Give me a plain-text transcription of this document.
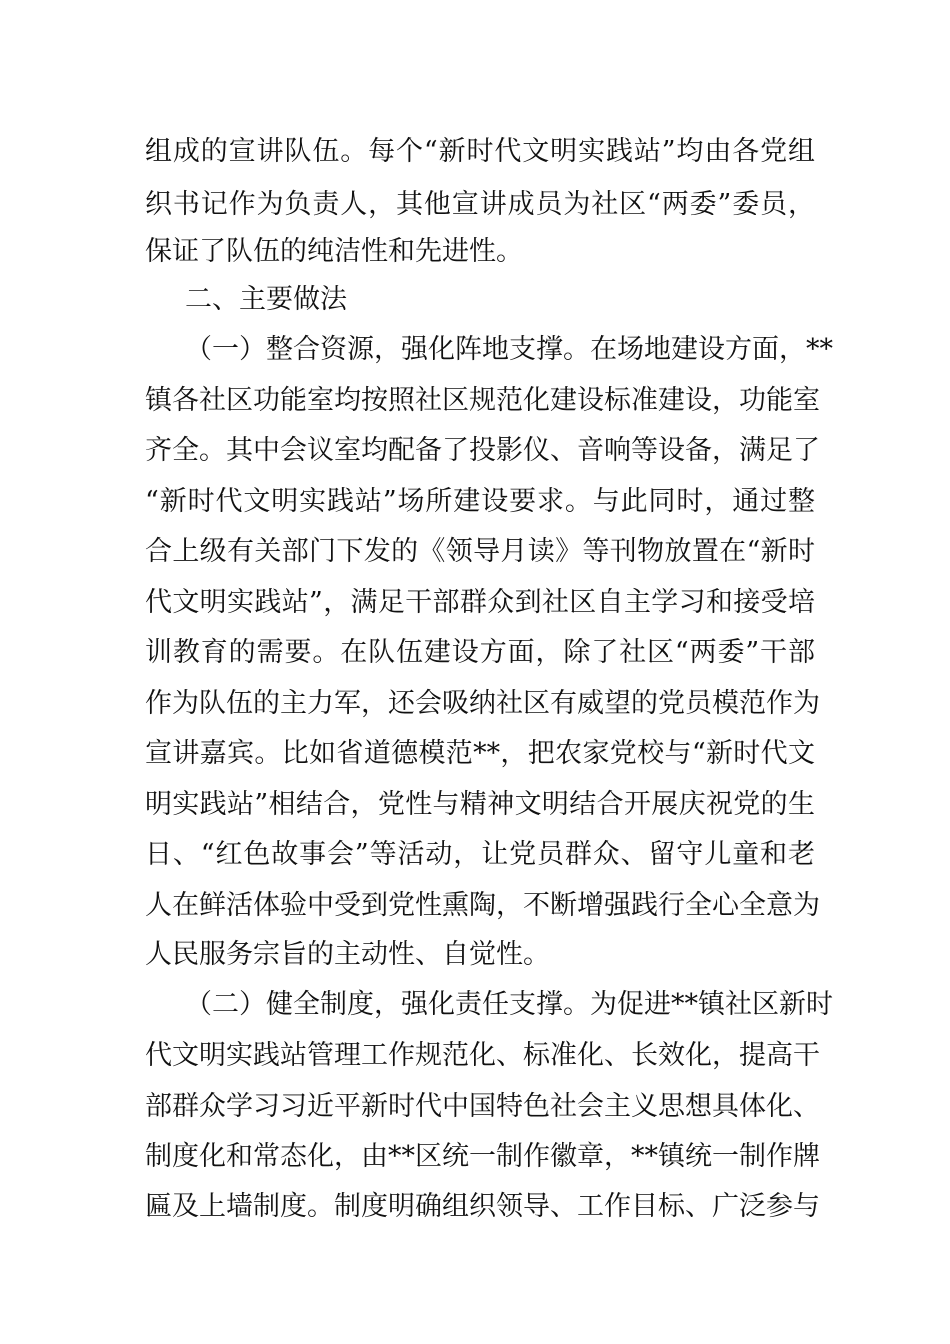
组成的宣讲队伍。每个“新时代文明实践站”均由各党组
织书记作为负责人，其他宣讲成员为社区“两委”委员，
保证了队伍的纯洁性和先进性。
二、主要做法
（一）整合资源，强化阵地支撑。在场地建设方面，**
镇各社区功能室均按照社区规范化建设标准建设，功能室
齐全。其中会议室均配备了投影仪、音响等设备，满足了
“新时代文明实践站”场所建设要求。与此同时，通过整
合上级有关部门下发的《领导月读》等刊物放置在“新时
代文明实践站”，满足干部群众到社区自主学习和接受培
训教育的需要。在队伍建设方面，除了社区“两委”干部
作为队伍的主力军，还会吸纳社区有威望的党员模范作为
宣讲嘉宾。比如省道德模范**，把农家党校与“新时代文
明实践站”相结合，党性与精神文明结合开展庆祝党的生
日、“红色故事会”等活动，让党员群众、留守儿童和老
人在鲜活体验中受到党性熏陶，不断增强践行全心全意为
人民服务宗旨的主动性、自觉性。
（二）健全制度，强化责任支撑。为促进**镇社区新时
代文明实践站管理工作规范化、标准化、长效化，提高干
部群众学习习近平新时代中国特色社会主义思想具体化、
制度化和常态化，由**区统一制作徽章，**镇统一制作牌
匾及上墙制度。制度明确组织领导、工作目标、广泛参与
